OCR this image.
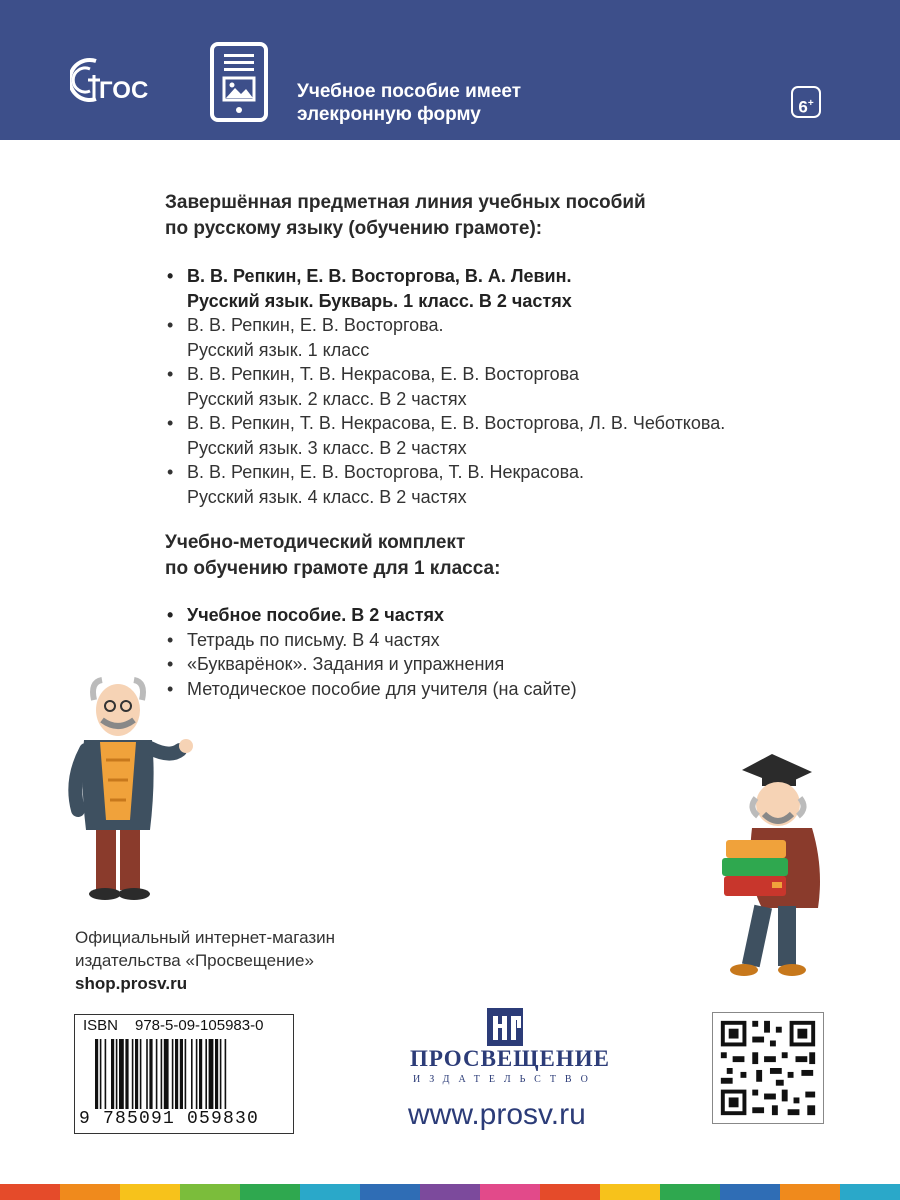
ГОС	Учебное пособие имеет
элекронную форму	6+
Завершённая предметная линия учебных пособий
по русскому языку (обучению грамоте):
• В. В. Репкин, Е. В. Восторгова, В. А. Левин.
Русский язык. Букварь. 1 класс. В 2 частях
• В. В. Репкин, Е. В. Восторгова.
Русский язык. 1 класс
• В. В. Репкин, Т. В. Некрасова, Е. В. Восторгова
Русский язык. 2 класс. В 2 частях
• В. В. Репкин, Т. В. Некрасова, Е. В. Восторгова, Л. В. Чеботкова.
Русский язык. 3 класс. В 2 частях
• В. В. Репкин, Е. В. Восторгова, Т. В. Некрасова.
Русский язык. 4 класс. В 2 частях
Учебно-методический комплект
по обучению грамоте для 1 класса:
• Учебное пособие. В 2 частях
• Тетрадь по письму. В 4 частях
• «Букварёнок». Задания и упражнения
• Методическое пособие для учителя (на сайте)
Официальный интернет-магазин
издательства «Просвещение»
shop.prosv.ru
ISBN 978-5-09-105983-0
9 785091 059830
ПРОСВЕЩЕНИЕ
ИЗДАТЕЛЬСТВО
www.prosv.ru
